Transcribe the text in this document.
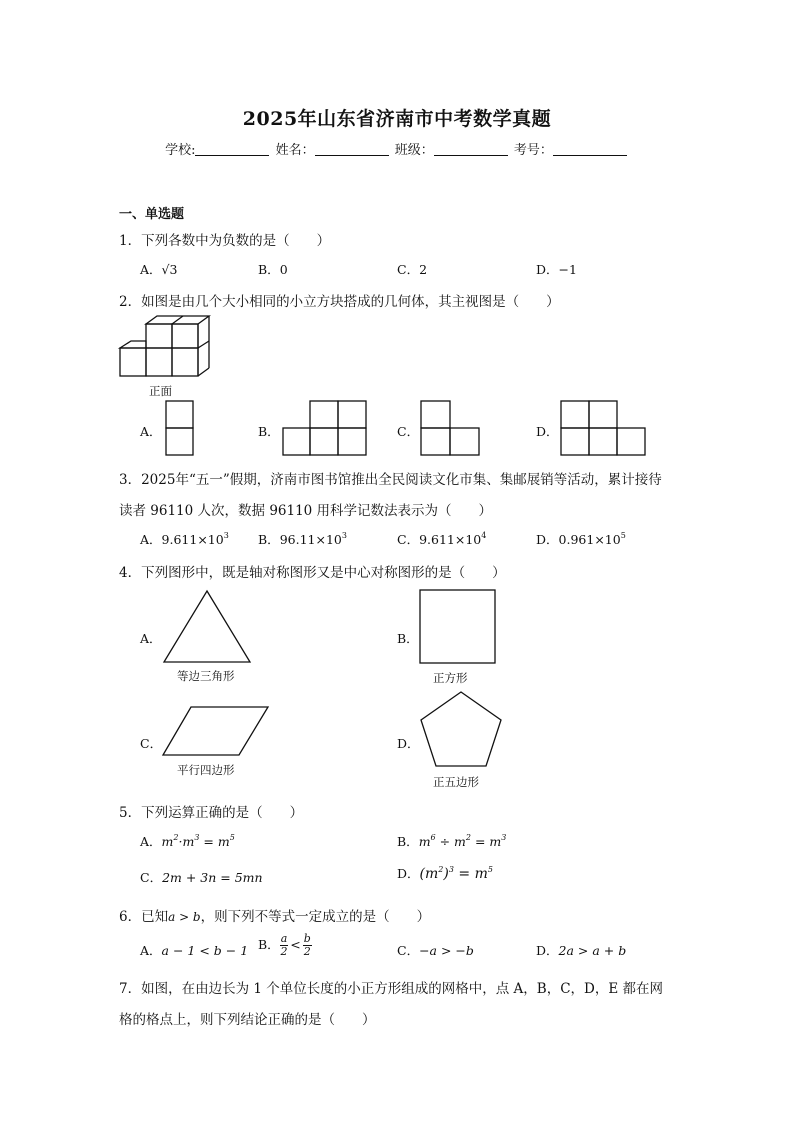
2025年山东省济南市中考数学真题
学校:	姓名：	班级：	考号：
一、单选题
1．下列各数中为负数的是（　　）
A．√3	B．0	C．2	D．−1
2．如图是由几个大小相同的小立方块搭成的几何体，其主视图是（　　）
正面
A．	B．	C．	D．
3．2025年“五一”假期，济南市图书馆推出全民阅读文化市集、集邮展销等活动，累计接待
读者 96110 人次，数据 96110 用科学记数法表示为（　　）
A．$9.611\times 10^3$ B．$96.11\times 10^3$	C．$9.611\times 10^4$	D．$0.961\times 10^5$
4．下列图形中，既是轴对称图形又是中心对称图形的是（　　）
A．
等边三角形
B．
正方形
C．
平行四边形
D．
正五边形
5．下列运算正确的是（　　）
A．$m^2\cdot m^3 = m^5$	B．$m^6 \div m^2 = m^3$
C．2m + 3n = 5mn	D．$(m^2)^3 = m^5$
6．已知a > b，则下列不等式一定成立的是（　　）
A．a − 1 < b − 1 B． $\frac{a}{2} < \frac{b}{2}$	C．−a > −b	D．2a > a + b
7．如图，在由边长为 1 个单位长度的小正方形组成的网格中，点 A，B，C，D，E 都在网
格的格点上，则下列结论正确的是（　　）
